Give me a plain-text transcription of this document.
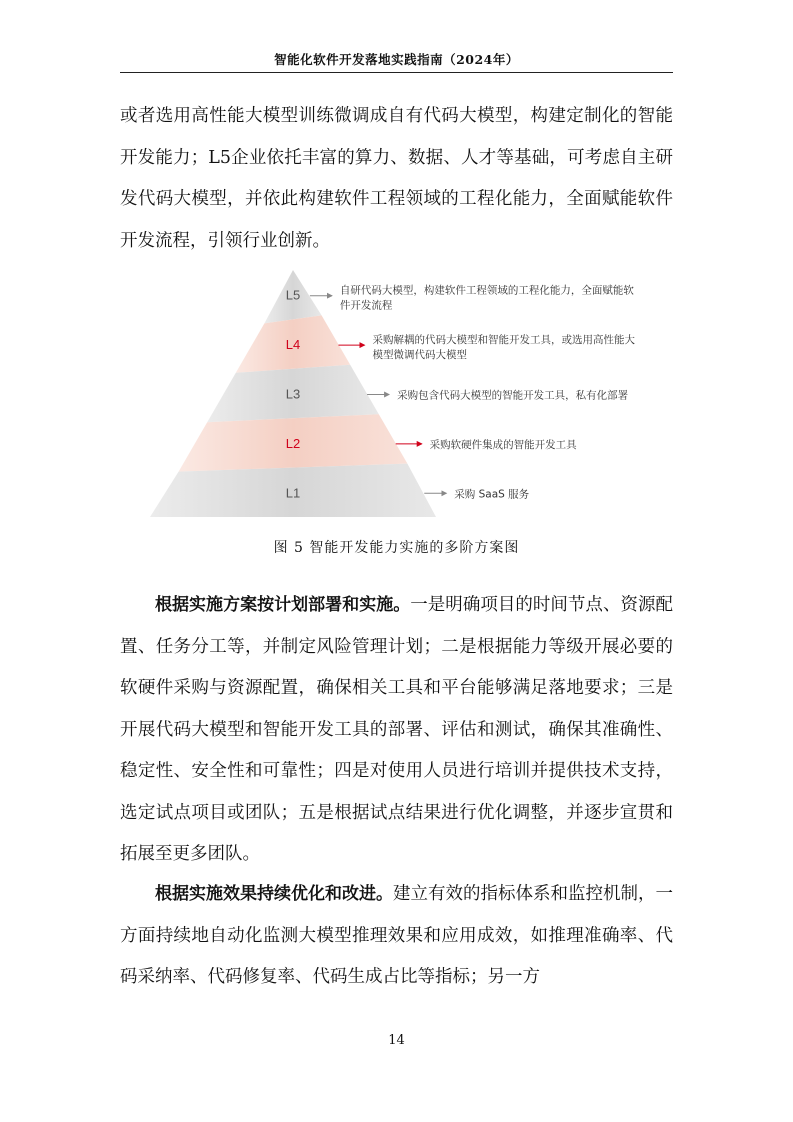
智能化软件开发落地实践指南（2024年）

或者选用高性能大模型训练微调成自有代码大模型，构建定制化的智能开发能力；L5企业依托丰富的算力、数据、人才等基础，可考虑自主研发代码大模型，并依此构建软件工程领域的工程化能力，全面赋能软件开发流程，引领行业创新。

L5	自研代码大模型，构建软件工程领域的工程化能力，全面赋能软
件开发流程
L4	采购解耦的代码大模型和智能开发工具，或选用高性能大
模型微调代码大模型
L3	采购包含代码大模型的智能开发工具，私有化部署
L2	采购软硬件集成的智能开发工具
L1	采购 SaaS 服务
图 5 智能开发能力实施的多阶方案图

根据实施方案按计划部署和实施。一是明确项目的时间节点、资源配置、任务分工等，并制定风险管理计划；二是根据能力等级开展必要的软硬件采购与资源配置，确保相关工具和平台能够满足落地要求；三是开展代码大模型和智能开发工具的部署、评估和测试，确保其准确性、稳定性、安全性和可靠性；四是对使用人员进行培训并提供技术支持，选定试点项目或团队；五是根据试点结果进行优化调整，并逐步宣贯和拓展至更多团队。

根据实施效果持续优化和改进。建立有效的指标体系和监控机制，一方面持续地自动化监测大模型推理效果和应用成效，如推理准确率、代码采纳率、代码修复率、代码生成占比等指标；另一方

14
